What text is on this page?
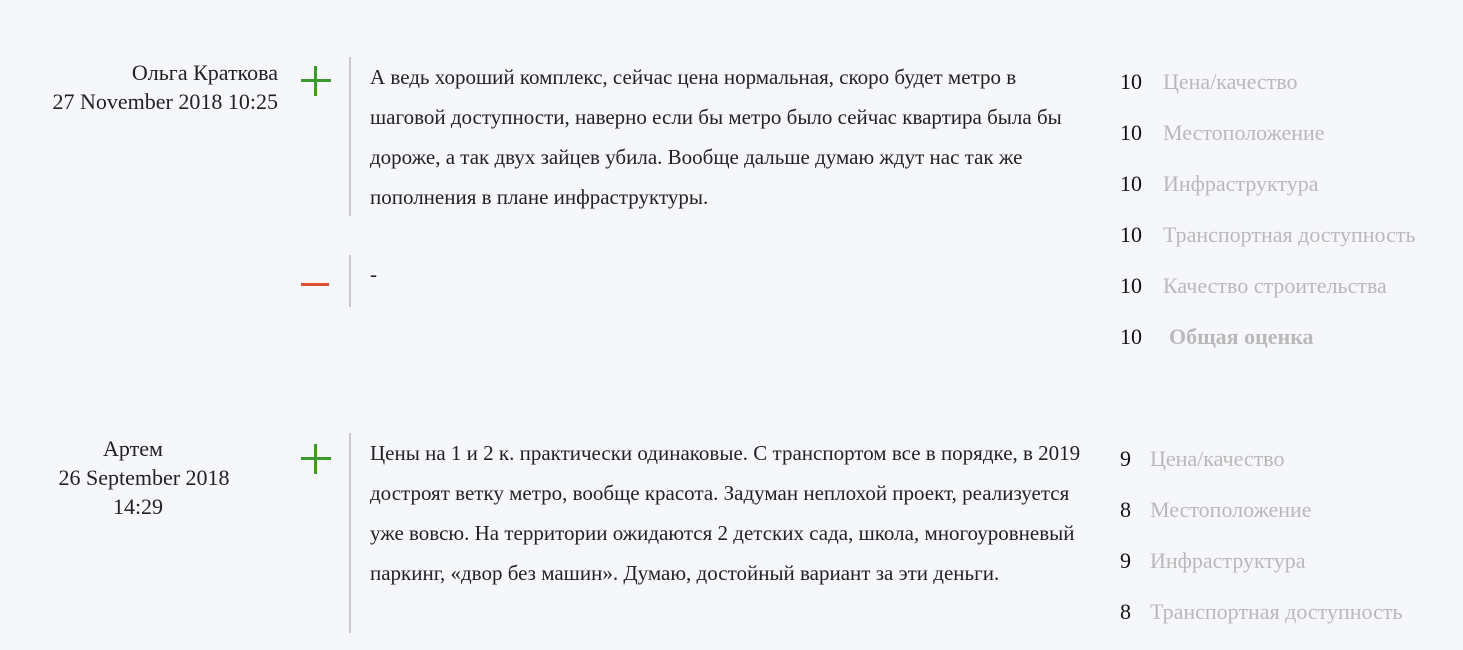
Ольга Краткова
27 November 2018 10:25
А ведь хороший комплекс, сейчас цена нормальная, скоро будет метро в шаговой доступности, наверно если бы метро было сейчас квартира была бы дороже, а так двух зайцев убила. Вообще дальше думаю ждут нас так же пополнения в плане инфраструктуры.
-
10 Цена/качество
10 Местоположение
10 Инфраструктура
10 Транспортная доступность
10 Качество строительства
10	Общая оценка
Артем
26 September 2018
14:29
Цены на 1 и 2 к. практически одинаковые. С транспортом все в порядке, в 2019 достроят ветку метро, вообще красота. Задуман неплохой проект, реализуется уже вовсю. На территории ожидаются 2 детских сада, школа, многоуровневый паркинг, «двор без машин». Думаю, достойный вариант за эти деньги.
9 Цена/качество
8 Местоположение
9 Инфраструктура
8 Транспортная доступность
